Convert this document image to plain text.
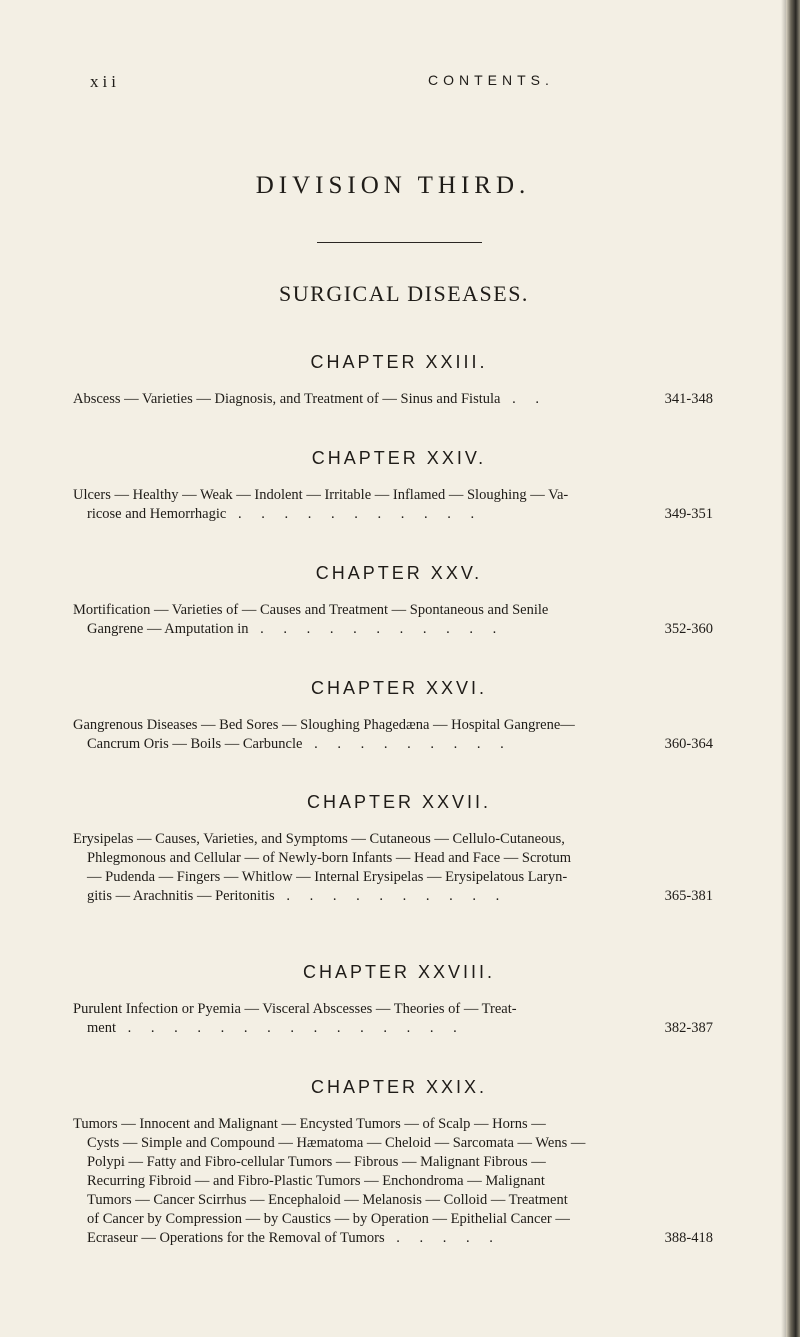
xii	CONTENTS.
DIVISION THIRD.
SURGICAL DISEASES.
CHAPTER XXIII.
Abscess — Varieties — Diagnosis, and Treatment of — Sinus and Fistula . .	341-348
CHAPTER XXIV.
Ulcers — Healthy — Weak — Indolent — Irritable — Inflamed — Sloughing — Va-
ricose and Hemorrhagic . . . . . . . . . . .	349-351
CHAPTER XXV.
Mortification — Varieties of — Causes and Treatment — Spontaneous and Senile
Gangrene — Amputation in . . . . . . . . . . .	352-360
CHAPTER XXVI.
Gangrenous Diseases — Bed Sores — Sloughing Phagedæna — Hospital Gangrene—
Cancrum Oris — Boils — Carbuncle . . . . . . . . .	360-364
CHAPTER XXVII.
Erysipelas — Causes, Varieties, and Symptoms — Cutaneous — Cellulo-Cutaneous,
Phlegmonous and Cellular — of Newly-born Infants — Head and Face — Scrotum
— Pudenda — Fingers — Whitlow — Internal Erysipelas — Erysipelatous Laryn-
gitis — Arachnitis — Peritonitis . . . . . . . . . .	365-381
CHAPTER XXVIII.
Purulent Infection or Pyemia — Visceral Abscesses — Theories of — Treat-
ment . . . . . . . . . . . . . . .	382-387
CHAPTER XXIX.
Tumors — Innocent and Malignant — Encysted Tumors — of Scalp — Horns —
Cysts — Simple and Compound — Hæmatoma — Cheloid — Sarcomata — Wens —
Polypi — Fatty and Fibro-cellular Tumors — Fibrous — Malignant Fibrous —
Recurring Fibroid — and Fibro-Plastic Tumors — Enchondroma — Malignant
Tumors — Cancer Scirrhus — Encephaloid — Melanosis — Colloid — Treatment
of Cancer by Compression — by Caustics — by Operation — Epithelial Cancer —
Ecraseur — Operations for the Removal of Tumors . . . . .	388-418
